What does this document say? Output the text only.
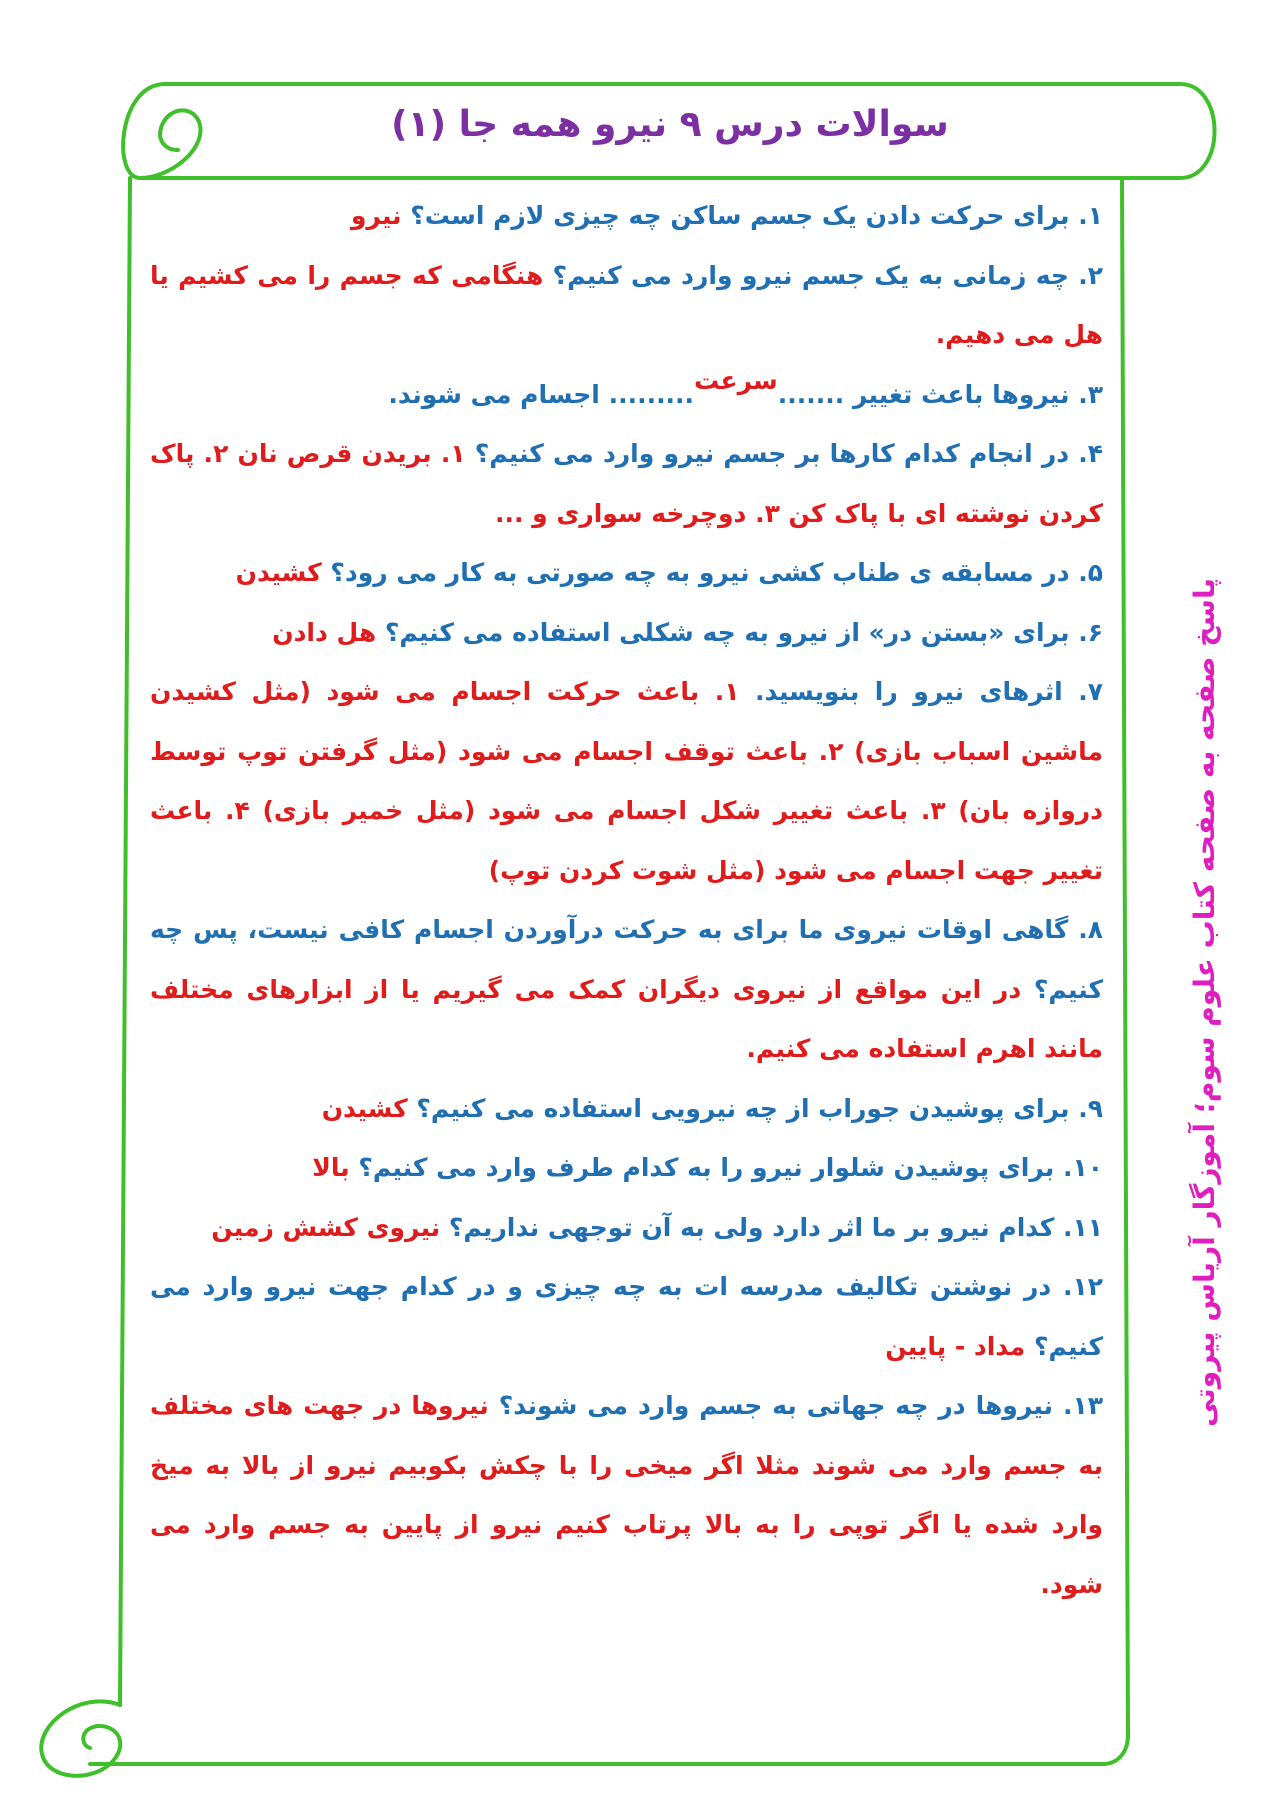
سوالات درس ۹ نیرو همه جا (۱)

۱. برای حرکت دادن یک جسم ساکن چه چیزی لازم است؟ نیرو

۲. چه زمانی به یک جسم نیرو وارد می کنیم؟ هنگامی که جسم را می کشیم یا هل می دهیم.

۳. نیروها باعث تغییر .......سرعت......... اجسام می شوند.

۴. در انجام کدام کارها بر جسم نیرو وارد می کنیم؟ ۱. بریدن قرص نان ۲. پاک کردن نوشته ای با پاک کن ۳. دوچرخه سواری و ...

۵. در مسابقه ی طناب کشی نیرو به چه صورتی به کار می رود؟ کشیدن

۶. برای «بستن در» از نیرو به چه شکلی استفاده می کنیم؟ هل دادن

۷. اثرهای نیرو را بنویسید. ۱. باعث حرکت اجسام می شود (مثل کشیدن ماشین اسباب بازی) ۲. باعث توقف اجسام می شود (مثل گرفتن توپ توسط دروازه بان) ۳. باعث تغییر شکل اجسام می شود (مثل خمیر بازی) ۴. باعث تغییر جهت اجسام می شود (مثل شوت کردن توپ)

۸. گاهی اوقات نیروی ما برای به حرکت درآوردن اجسام کافی نیست، پس چه کنیم؟ در این مواقع از نیروی دیگران کمک می گیریم یا از ابزارهای مختلف مانند اهرم استفاده می کنیم.

۹. برای پوشیدن جوراب از چه نیرویی استفاده می کنیم؟ کشیدن

۱۰. برای پوشیدن شلوار نیرو را به کدام طرف وارد می کنیم؟ بالا

۱۱. کدام نیرو بر ما اثر دارد ولی به آن توجهی نداریم؟ نیروی کشش زمین

۱۲. در نوشتن تکالیف مدرسه ات به چه چیزی و در کدام جهت نیرو وارد می کنیم؟ مداد - پایین

۱۳. نیروها در چه جهاتی به جسم وارد می شوند؟ نیروها در جهت های مختلف به جسم وارد می شوند مثلا اگر میخی را با چکش بکوبیم نیرو از بالا به میخ وارد شده یا اگر توپی را به بالا پرتاب کنیم نیرو از پایین به جسم وارد می شود.

پاسخ صفحه به صفحه کتاب علوم سوم؛ آموزگار آریاس پیروتی
